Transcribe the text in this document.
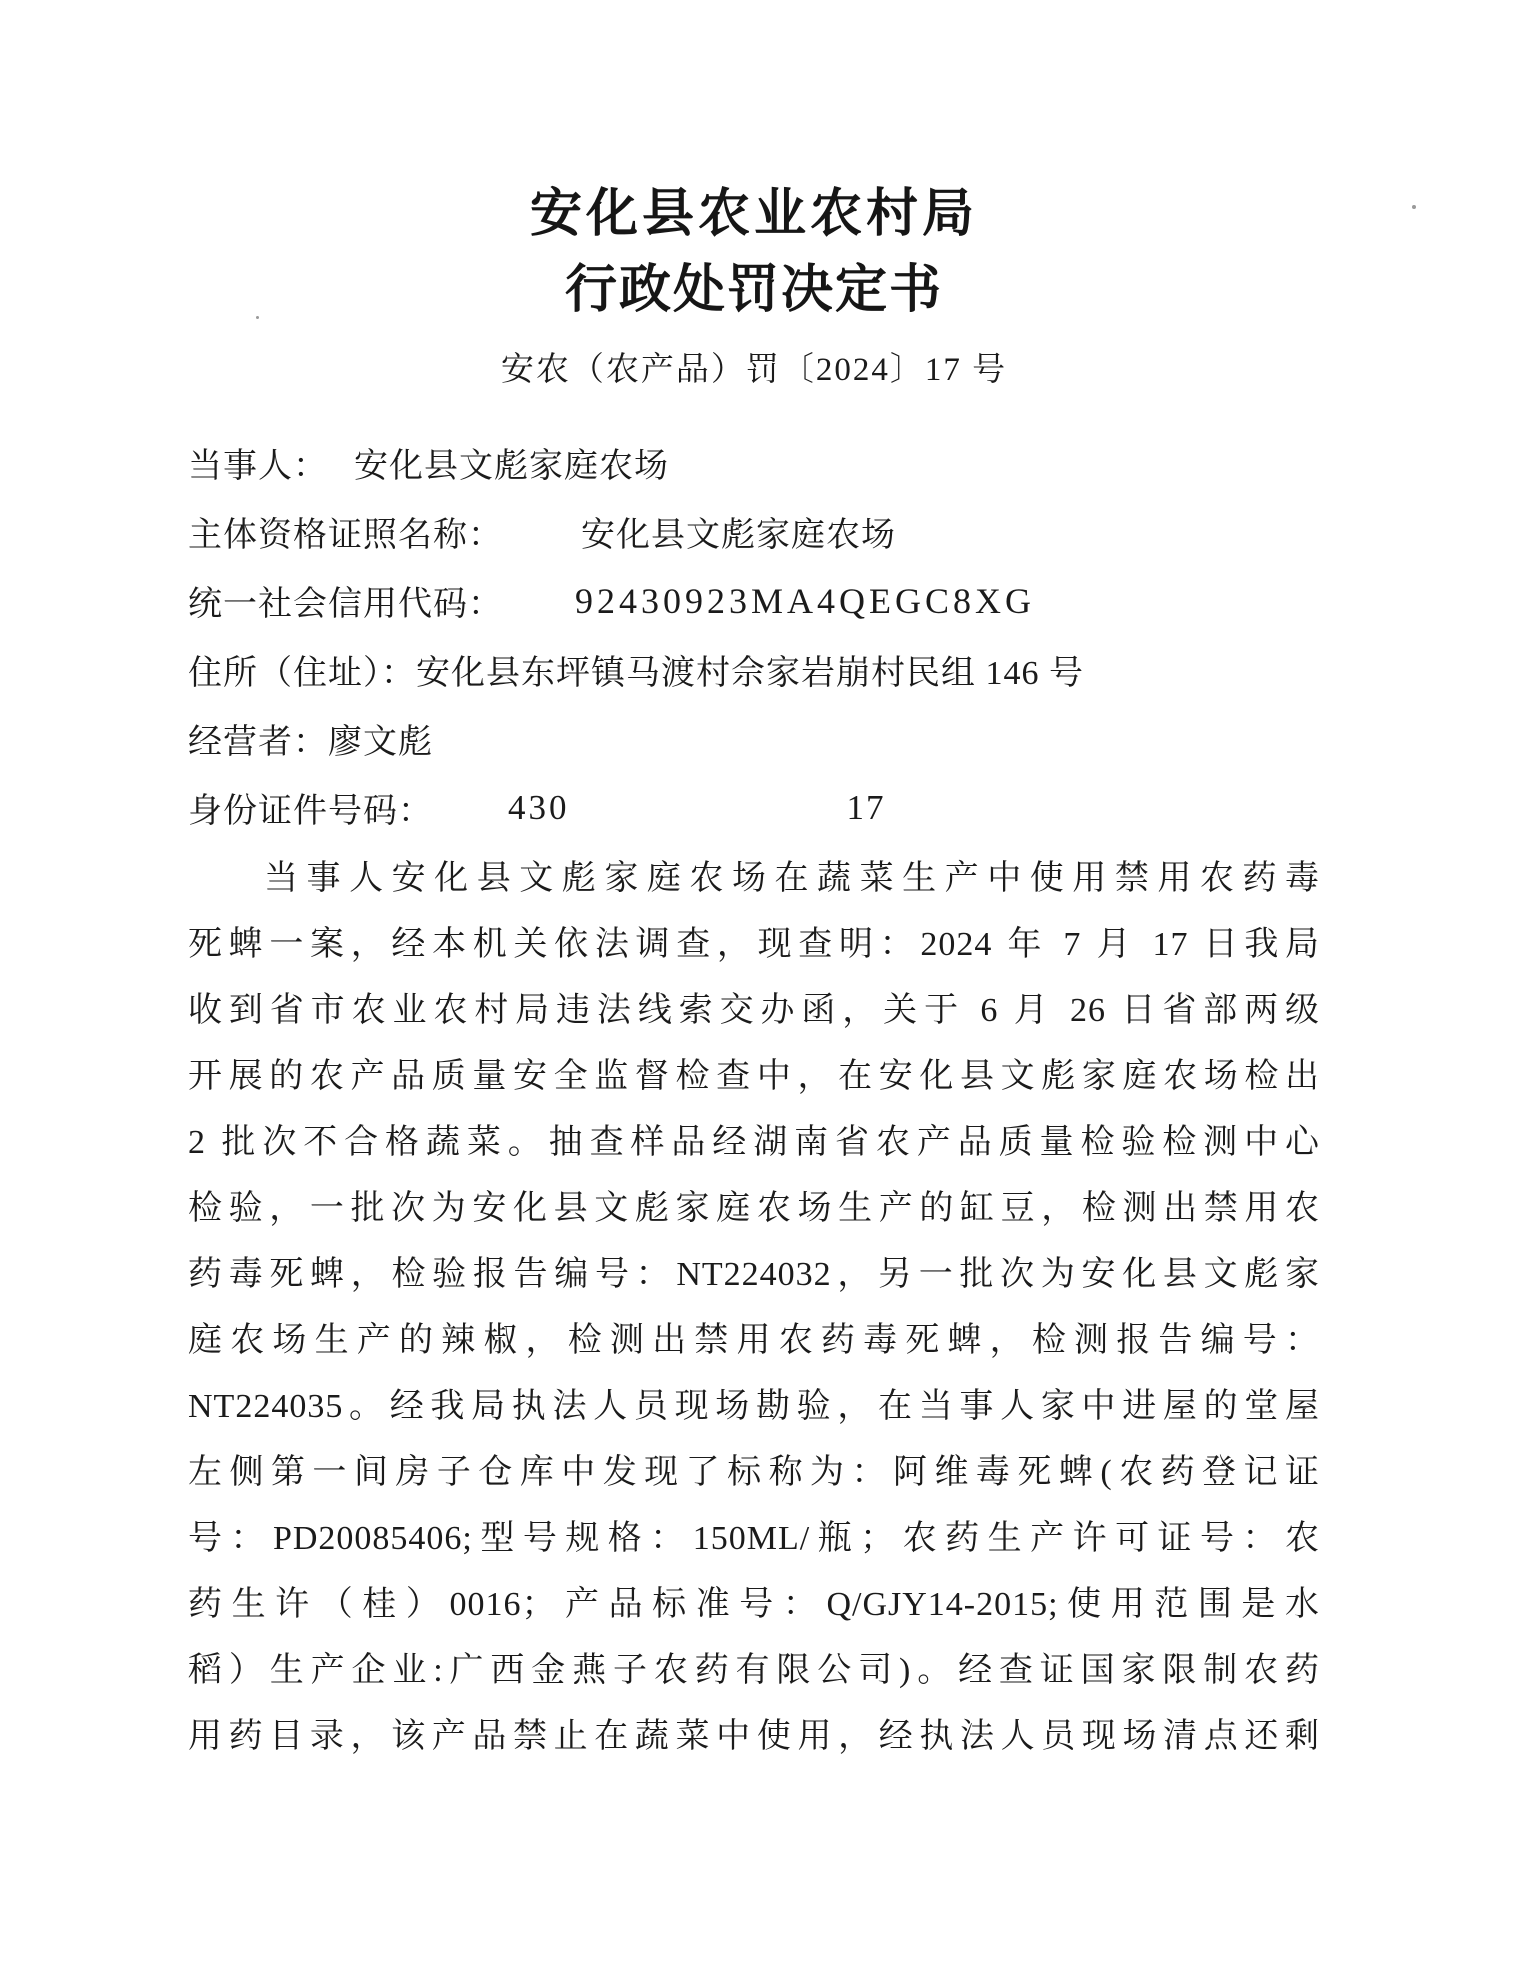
安化县农业农村局
行政处罚决定书
安农（农产品）罚〔2024〕17 号
当事人： 安化县文彪家庭农场
主体资格证照名称： 安化县文彪家庭农场
统一社会信用代码： 92430923MA4QEGC8XG
住所（住址）： 安化县东坪镇马渡村佘家岩崩村民组 146 号
经营者： 廖文彪
身份证件号码： 430	17

当事人安化县文彪家庭农场在蔬菜生产中使用禁用农药毒

死蜱一案，经本机关依法调查，现查明：2024 年 7 月 17 日我局

收到省市农业农村局违法线索交办函，关于 6 月 26 日省部两级

开展的农产品质量安全监督检查中，在安化县文彪家庭农场检出

2 批次不合格蔬菜。抽查样品经湖南省农产品质量检验检测中心

检验，一批次为安化县文彪家庭农场生产的缸豆，检测出禁用农

药毒死蜱，检验报告编号：NT224032，另一批次为安化县文彪家

庭农场生产的辣椒，检测出禁用农药毒死蜱，检测报告编号：

NT224035。经我局执法人员现场勘验，在当事人家中进屋的堂屋

左侧第一间房子仓库中发现了标称为：阿维毒死蜱(农药登记证

号：PD20085406;型号规格：150ML/瓶；农药生产许可证号：农

药生许（桂）0016；产品标准号：Q/GJY14-2015;使用范围是水

稻）生产企业:广西金燕子农药有限公司)。经查证国家限制农药

用药目录，该产品禁止在蔬菜中使用，经执法人员现场清点还剩
